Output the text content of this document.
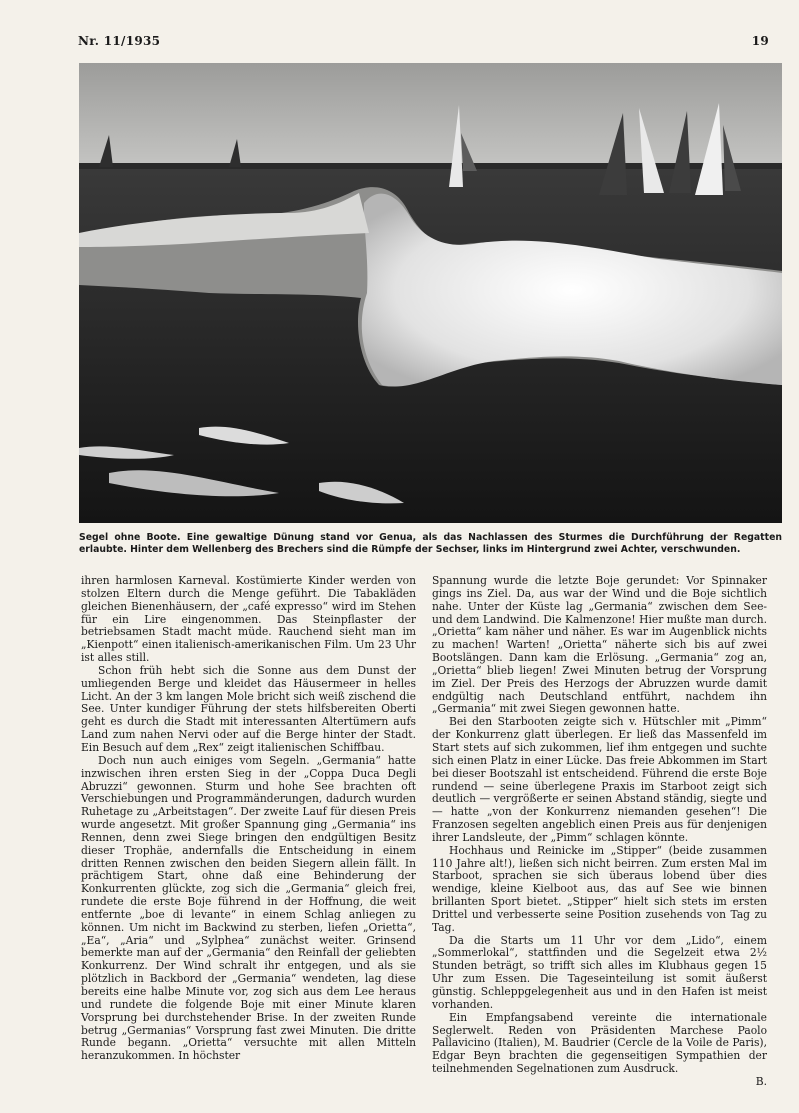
Nr. 11/1935	19
Segel ohne Boote. Eine gewaltige Dünung stand vor Genua, als das Nachlassen des Sturmes die Durchführung der Regatten erlaubte. Hinter dem Wellenberg des Brechers sind die Rümpfe der Sechser, links im Hintergrund zwei Achter, verschwunden.

ihren harmlosen Karneval. Kostümierte Kinder werden von stolzen Eltern durch die Menge geführt. Die Tabakläden gleichen Bienenhäusern, der „café expresso“ wird im Stehen für ein Lire eingenommen. Das Steinpflaster der betriebsamen Stadt macht müde. Rauchend sieht man im „Kienpott“ einen italienisch-amerikanischen Film. Um 23 Uhr ist alles still.

Schon früh hebt sich die Sonne aus dem Dunst der umliegenden Berge und kleidet das Häusermeer in helles Licht. An der 3 km langen Mole bricht sich weiß zischend die See. Unter kundiger Führung der stets hilfsbereiten Oberti geht es durch die Stadt mit interessanten Altertümern aufs Land zum nahen Nervi oder auf die Berge hinter der Stadt. Ein Besuch auf dem „Rex“ zeigt italienischen Schiffbau.

Doch nun auch einiges vom Segeln. „Germania“ hatte inzwischen ihren ersten Sieg in der „Coppa Duca Degli Abruzzi“ gewonnen. Sturm und hohe See brachten oft Verschiebungen und Programmänderungen, dadurch wurden Ruhetage zu „Arbeitstagen“. Der zweite Lauf für diesen Preis wurde angesetzt. Mit großer Spannung ging „Germania“ ins Rennen, denn zwei Siege bringen den endgültigen Besitz dieser Trophäe, andernfalls die Entscheidung in einem dritten Rennen zwischen den beiden Siegern allein fällt. In prächtigem Start, ohne daß eine Behinderung der Konkurrenten glückte, zog sich die „Germania“ gleich frei, rundete die erste Boje führend in der Hoffnung, die weit entfernte „boe di levante“ in einem Schlag anliegen zu können. Um nicht im Backwind zu sterben, liefen „Orietta“, „Ea“, „Aria“ und „Sylphea“ zunächst weiter. Grinsend bemerkte man auf der „Germania“ den Reinfall der geliebten Konkurrenz. Der Wind schralt ihr entgegen, und als sie plötzlich in Backbord der „Germania“ wendeten, lag diese bereits eine halbe Minute vor, zog sich aus dem Lee heraus und rundete die folgende Boje mit einer Minute klaren Vorsprung bei durchstehender Brise. In der zweiten Runde betrug „Germanias“ Vorsprung fast zwei Minuten. Die dritte Runde begann. „Orietta“ versuchte mit allen Mitteln heranzukommen. In höchster

Spannung wurde die letzte Boje gerundet: Vor Spinnaker gings ins Ziel. Da, aus war der Wind und die Boje sichtlich nahe. Unter der Küste lag „Germania“ zwischen dem See- und dem Landwind. Die Kalmenzone! Hier mußte man durch. „Orietta“ kam näher und näher. Es war im Augenblick nichts zu machen! Warten! „Orietta“ näherte sich bis auf zwei Bootslängen. Dann kam die Erlösung. „Germania“ zog an, „Orietta“ blieb liegen! Zwei Minuten betrug der Vorsprung im Ziel. Der Preis des Herzogs der Abruzzen wurde damit endgültig nach Deutschland entführt, nachdem ihn „Germania“ mit zwei Siegen gewonnen hatte.

Bei den Starbooten zeigte sich v. Hütschler mit „Pimm“ der Konkurrenz glatt überlegen. Er ließ das Massenfeld im Start stets auf sich zukommen, lief ihm entgegen und suchte sich einen Platz in einer Lücke. Das freie Abkommen im Start bei dieser Bootszahl ist entscheidend. Führend die erste Boje rundend — seine überlegene Praxis im Starboot zeigt sich deutlich — vergrößerte er seinen Abstand ständig, siegte und — hatte „von der Konkurrenz niemanden gesehen“! Die Franzosen segelten angeblich einen Preis aus für denjenigen ihrer Landsleute, der „Pimm“ schlagen könnte.

Hochhaus und Reinicke im „Stipper“ (beide zusammen 110 Jahre alt!), ließen sich nicht beirren. Zum ersten Mal im Starboot, sprachen sie sich überaus lobend über dies wendige, kleine Kielboot aus, das auf See wie binnen brillanten Sport bietet. „Stipper“ hielt sich stets im ersten Drittel und verbesserte seine Position zusehends von Tag zu Tag.

Da die Starts um 11 Uhr vor dem „Lido“, einem „Sommerlokal“, stattfinden und die Segelzeit etwa 2½ Stunden beträgt, so trifft sich alles im Klubhaus gegen 15 Uhr zum Essen. Die Tageseinteilung ist somit äußerst günstig. Schleppgelegenheit aus und in den Hafen ist meist vorhanden.

Ein Empfangsabend vereinte die internationale Seglerwelt. Reden von Präsidenten Marchese Paolo Pallavicino (Italien), M. Baudrier (Cercle de la Voile de Paris), Edgar Beyn brachten die gegenseitigen Sympathien der teilnehmenden Segelnationen zum Ausdruck.

B.
